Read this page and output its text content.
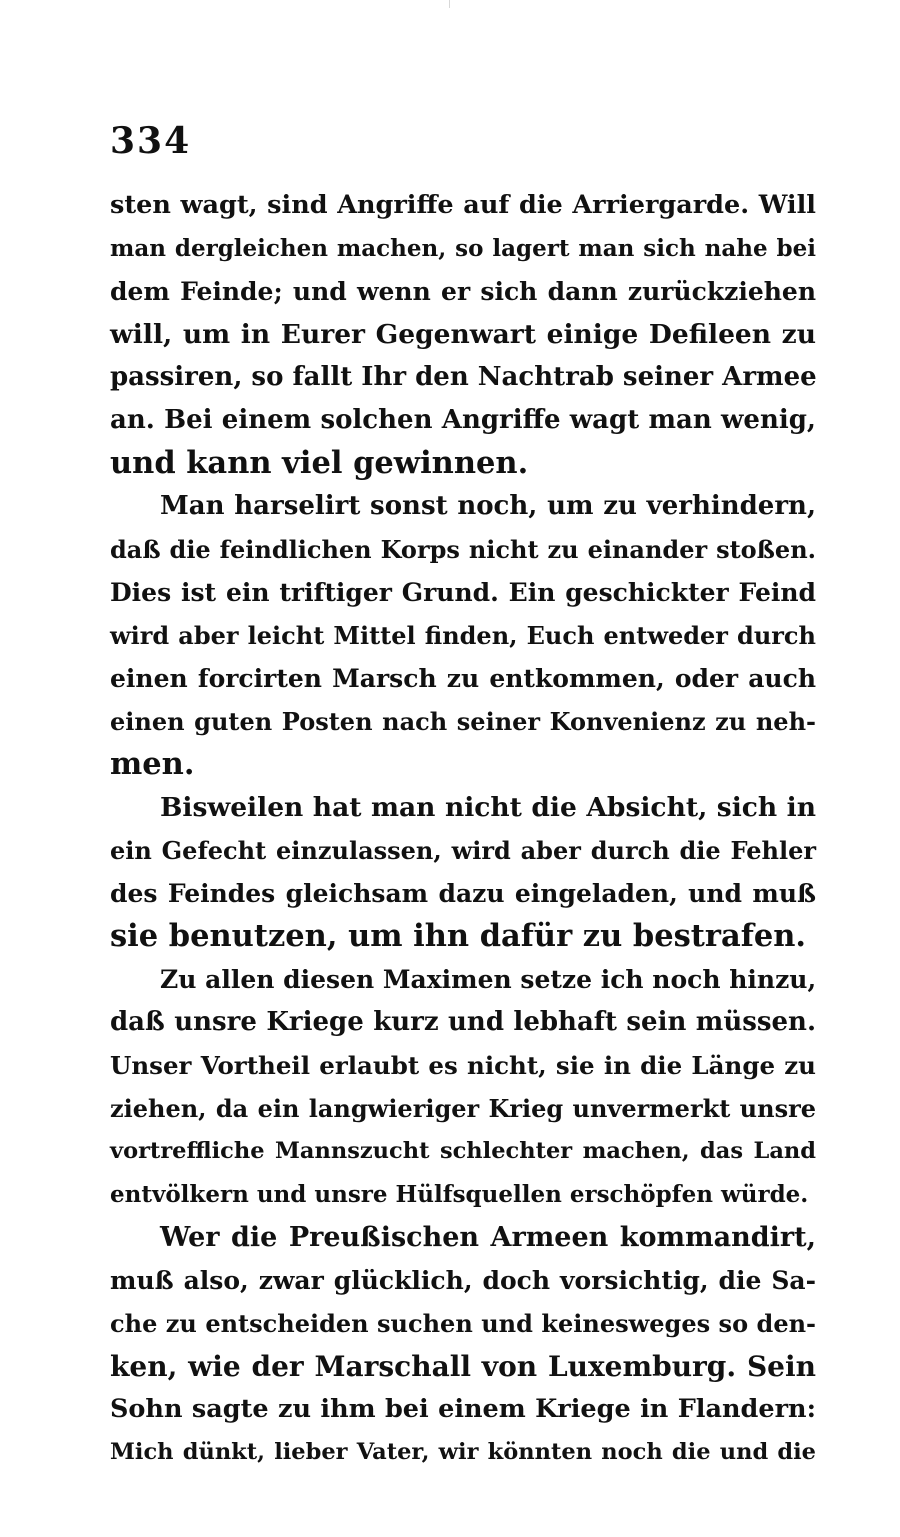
334
sten wagt, sind Angriffe auf die Arriergarde. Will
man dergleichen machen, so lagert man sich nahe bei
dem Feinde; und wenn er sich dann zurückziehen
will, um in Eurer Gegenwart einige Defileen zu
passiren, so fallt Ihr den Nachtrab seiner Armee
an. Bei einem solchen Angriffe wagt man wenig,
und kann viel gewinnen.
Man harselirt sonst noch, um zu verhindern,
daß die feindlichen Korps nicht zu einander stoßen.
Dies ist ein triftiger Grund. Ein geschickter Feind
wird aber leicht Mittel finden, Euch entweder durch
einen forcirten Marsch zu entkommen, oder auch
einen guten Posten nach seiner Konvenienz zu neh-
men.
Bisweilen hat man nicht die Absicht, sich in
ein Gefecht einzulassen, wird aber durch die Fehler
des Feindes gleichsam dazu eingeladen, und muß
sie benutzen, um ihn dafür zu bestrafen.
Zu allen diesen Maximen setze ich noch hinzu,
daß unsre Kriege kurz und lebhaft sein müssen.
Unser Vortheil erlaubt es nicht, sie in die Länge zu
ziehen, da ein langwieriger Krieg unvermerkt unsre
vortreffliche Mannszucht schlechter machen, das Land
entvölkern und unsre Hülfsquellen erschöpfen würde.
Wer die Preußischen Armeen kommandirt,
muß also, zwar glücklich, doch vorsichtig, die Sa-
che zu entscheiden suchen und keinesweges so den-
ken, wie der Marschall von Luxemburg. Sein
Sohn sagte zu ihm bei einem Kriege in Flandern:
Mich dünkt, lieber Vater, wir könnten noch die und die
